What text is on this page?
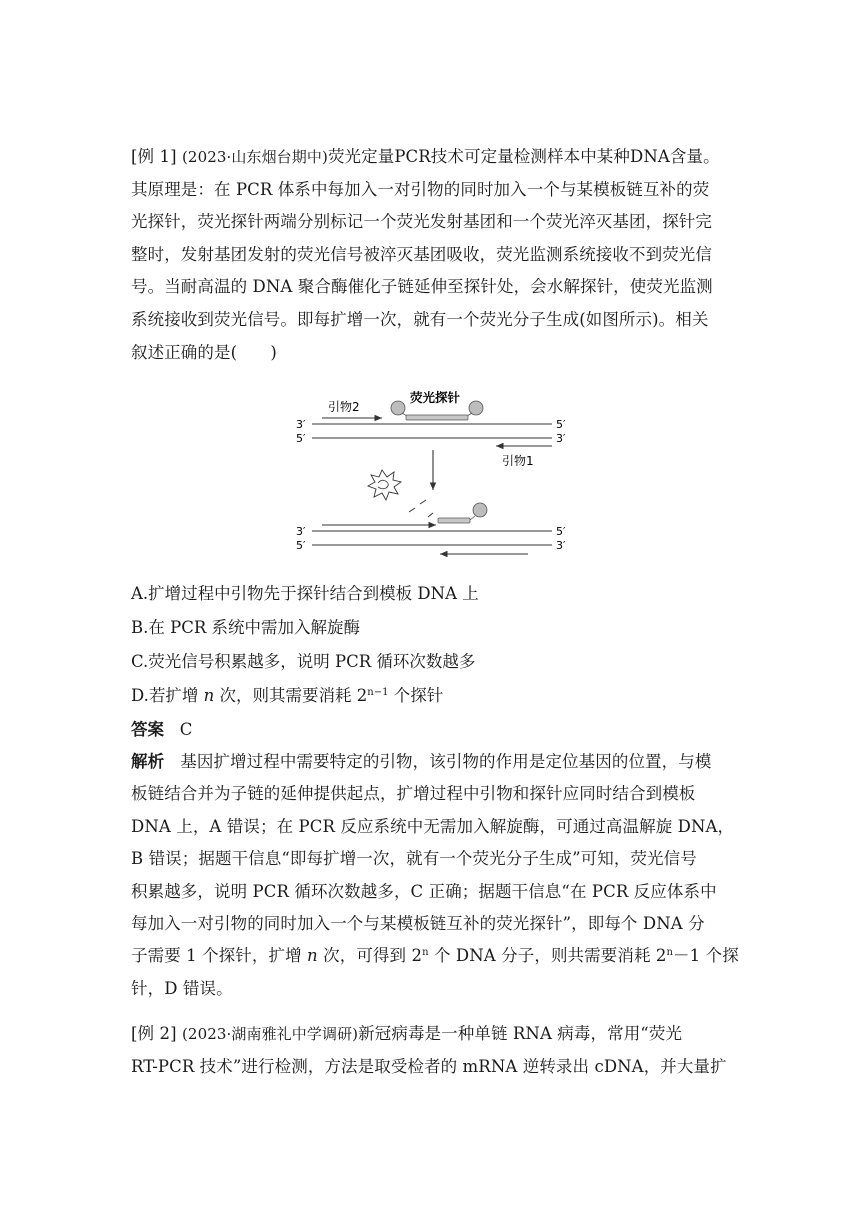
[例 1] (2023·山东烟台期中)荧光定量PCR技术可定量检测样本中某种DNA含量。
其原理是：在 PCR 体系中每加入一对引物的同时加入一个与某模板链互补的荧
光探针，荧光探针两端分别标记一个荧光发射基团和一个荧光淬灭基团，探针完
整时，发射基团发射的荧光信号被淬灭基团吸收，荧光监测系统接收不到荧光信
号。当耐高温的 DNA 聚合酶催化子链延伸至探针处，会水解探针，使荧光监测
系统接收到荧光信号。即每扩增一次，就有一个荧光分子生成(如图所示)。相关
叙述正确的是(　　)
3′
5′
5′
3′
引物2
荧光探针
引物1
3′
5′
5′
3′
A.扩增过程中引物先于探针结合到模板 DNA 上
B.在 PCR 系统中需加入解旋酶
C.荧光信号积累越多，说明 PCR 循环次数越多
D.若扩增 n 次，则其需要消耗 $2^{n-1}$ 个探针
答案 C
解析 基因扩增过程中需要特定的引物，该引物的作用是定位基因的位置，与模
板链结合并为子链的延伸提供起点，扩增过程中引物和探针应同时结合到模板
DNA 上，A 错误；在 PCR 反应系统中无需加入解旋酶，可通过高温解旋 DNA，
B 错误；据题干信息“即每扩增一次，就有一个荧光分子生成”可知，荧光信号
积累越多，说明 PCR 循环次数越多，C 正确；据题干信息“在 PCR 反应体系中
每加入一对引物的同时加入一个与某模板链互补的荧光探针”，即每个 DNA 分
子需要 1 个探针，扩增 n 次，可得到 2$^n$ 个 DNA 分子，则共需要消耗 $2^n-1$ 个探
针，D 错误。
[例 2] (2023·湖南雅礼中学调研)新冠病毒是一种单链 RNA 病毒，常用“荧光
RT-PCR 技术”进行检测，方法是取受检者的 mRNA 逆转录出 cDNA，并大量扩
